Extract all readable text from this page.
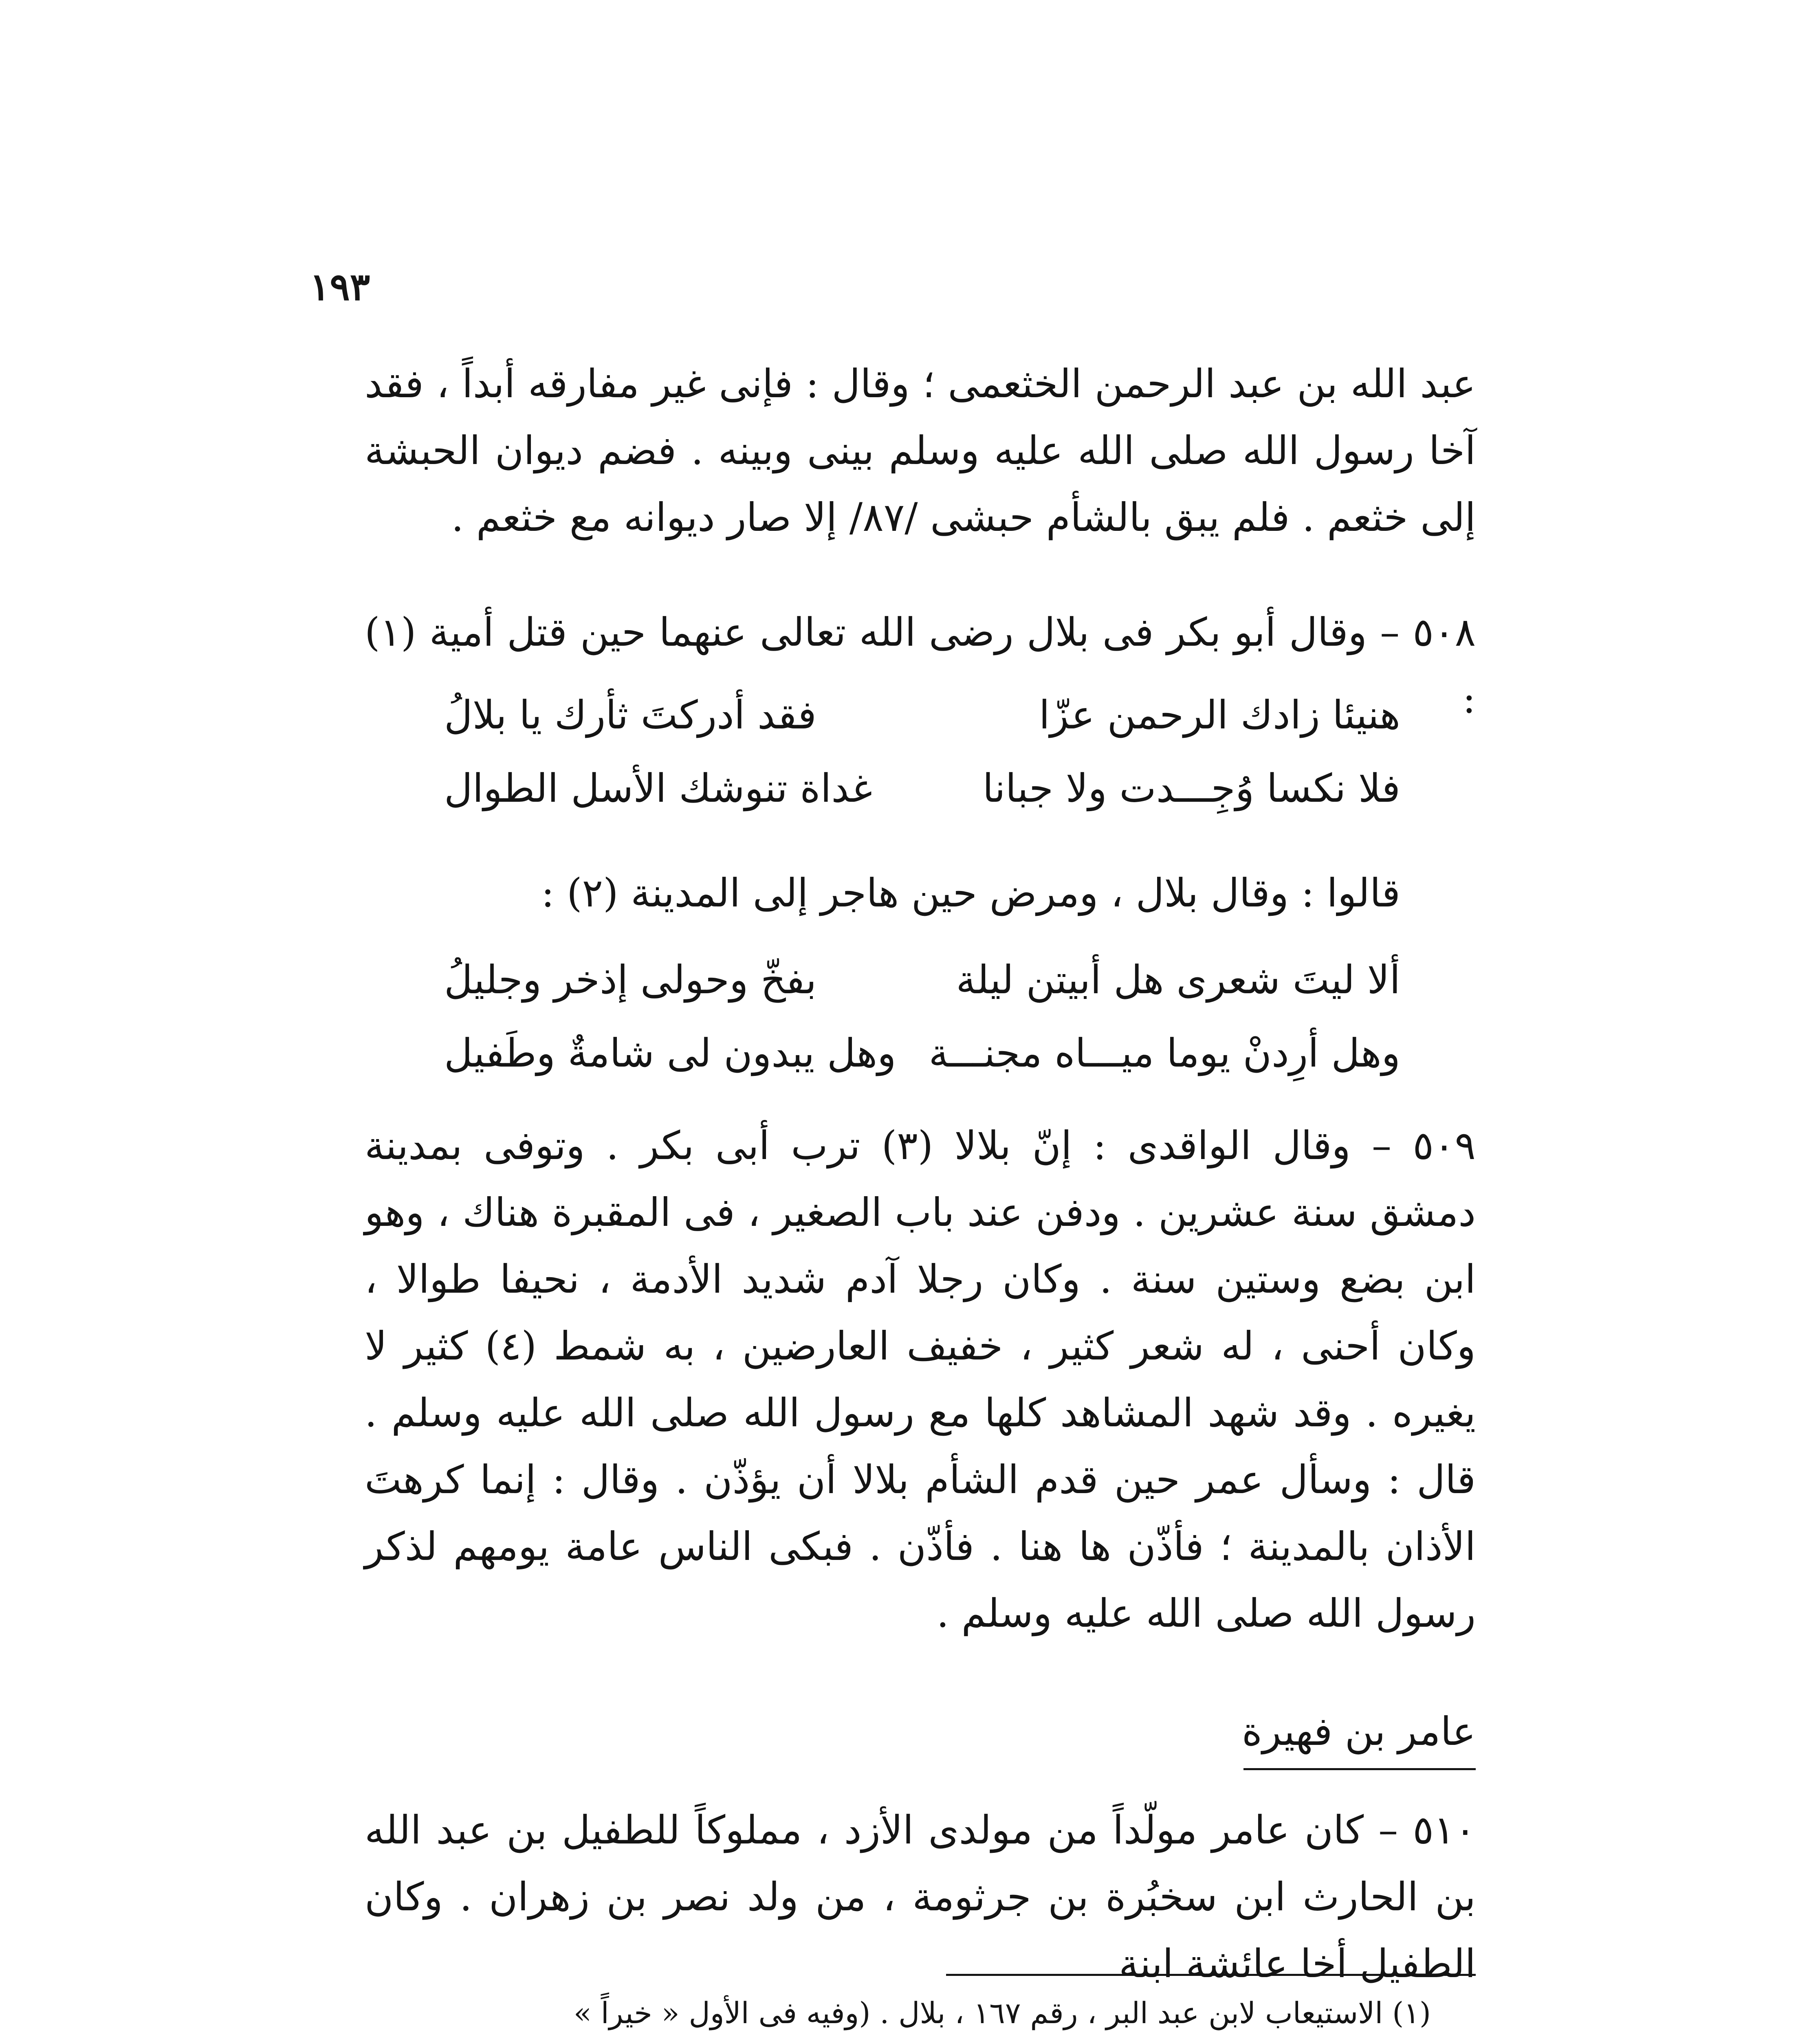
١٩٣

عبد الله بن عبد الرحمن الخثعمى ؛ وقال : فإنى غير مفارقه أبداً ، فقد آخا رسول الله صلى الله عليه وسلم بينى وبينه . فضم ديوان الحبشة إلى خثعم . فلم يبق بالشأم حبشى /٨٧/ إلا صار ديوانه مع خثعم .

٥٠٨ – وقال أبو بكر فى بلال رضى الله تعالى عنهما حين قتل أمية (١) :

هنيئا زادك الرحمن عزّا
فقد أدركتَ ثأرك يا بلالُ
فلا نكسا وُجِـــدت ولا جبانا
غداة تنوشك الأسل الطوال
قالوا : وقال بلال ، ومرض حين هاجر إلى المدينة (٢) :
ألا ليتَ شعرى هل أبيتن ليلة
بفخّ وحولى إذخر وجليلُ
وهل أرِدنْ يوما ميـــاه مجنـــة
وهل يبدون لى شامةٌ وطَفيل

٥٠٩ – وقال الواقدى : إنّ بلالا (٣) ترب أبى بكر . وتوفى بمدينة دمشق سنة عشرين . ودفن عند باب الصغير ، فى المقبرة هناك ، وهو ابن بضع وستين سنة . وكان رجلا آدم شديد الأدمة ، نحيفا طوالا ، وكان أحنى ، له شعر كثير ، خفيف العارضين ، به شمط (٤) كثير لا يغيره . وقد شهد المشاهد كلها مع رسول الله صلى الله عليه وسلم . قال : وسأل عمر حين قدم الشأم بلالا أن يؤذّن . وقال : إنما كرهتَ الأذان بالمدينة ؛ فأذّن ها هنا . فأذّن . فبكى الناس عامة يومهم لذكر رسول الله صلى الله عليه وسلم .

عامر بن فهيرة

٥١٠ – كان عامر مولّداً من مولدى الأزد ، مملوكاً للطفيل بن عبد الله بن الحارث ابن سخبُرة بن جرثومة ، من ولد نصر بن زهران . وكان الطفيل أخا عائشة ابنة

(١) الاستيعاب لابن عبد البر ، رقم ١٦٧ ، بلال . (وفيه فى الأول « خيراً »
